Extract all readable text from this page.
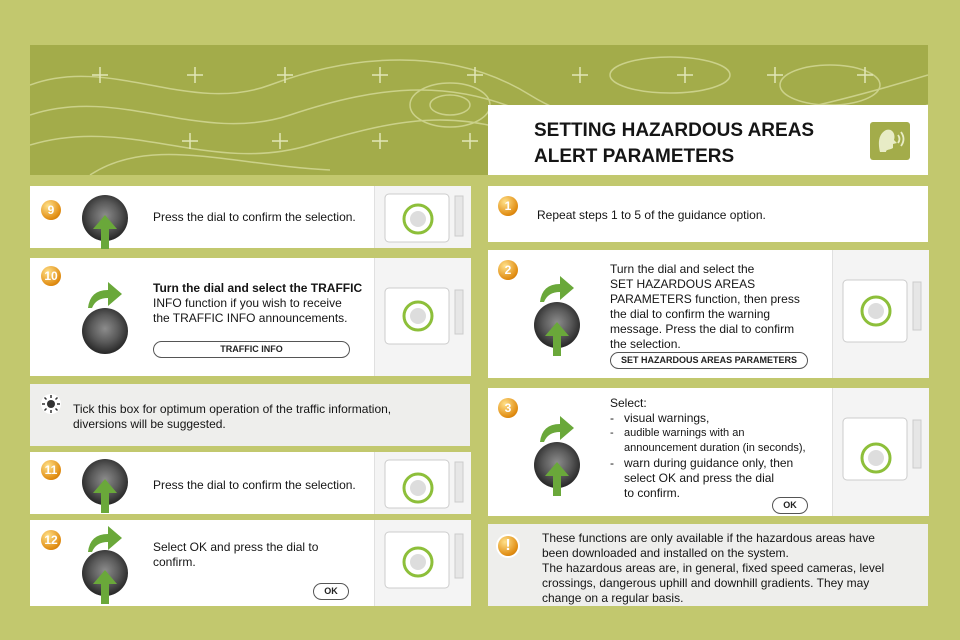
SETTING HAZARDOUS AREAS
ALERT PARAMETERS
9	Press the dial to confirm the selection.
10
Turn the dial and select the TRAFFIC
INFO function if you wish to receive
the TRAFFIC INFO announcements.
TRAFFIC INFO
Tick this box for optimum operation of the traffic information,
diversions will be suggested.
11
Press the dial to confirm the selection.
12	Select OK and press the dial to
confirm.
OK
1
Repeat steps 1 to 5 of the guidance option.
2	Turn the dial and select the
SET HAZARDOUS AREAS
PARAMETERS function, then press
the dial to confirm the warning
message. Press the dial to confirm
the selection.
SET HAZARDOUS AREAS PARAMETERS
3	Select:
- visual warnings,
- audible warnings with an
announcement duration (in seconds),
- warn during guidance only, then
select OK and press the dial
to confirm.
OK
!	These functions are only available if the hazardous areas have
been downloaded and installed on the system.
The hazardous areas are, in general, fixed speed cameras, level
crossings, dangerous uphill and downhill gradients. They may
change on a regular basis.
